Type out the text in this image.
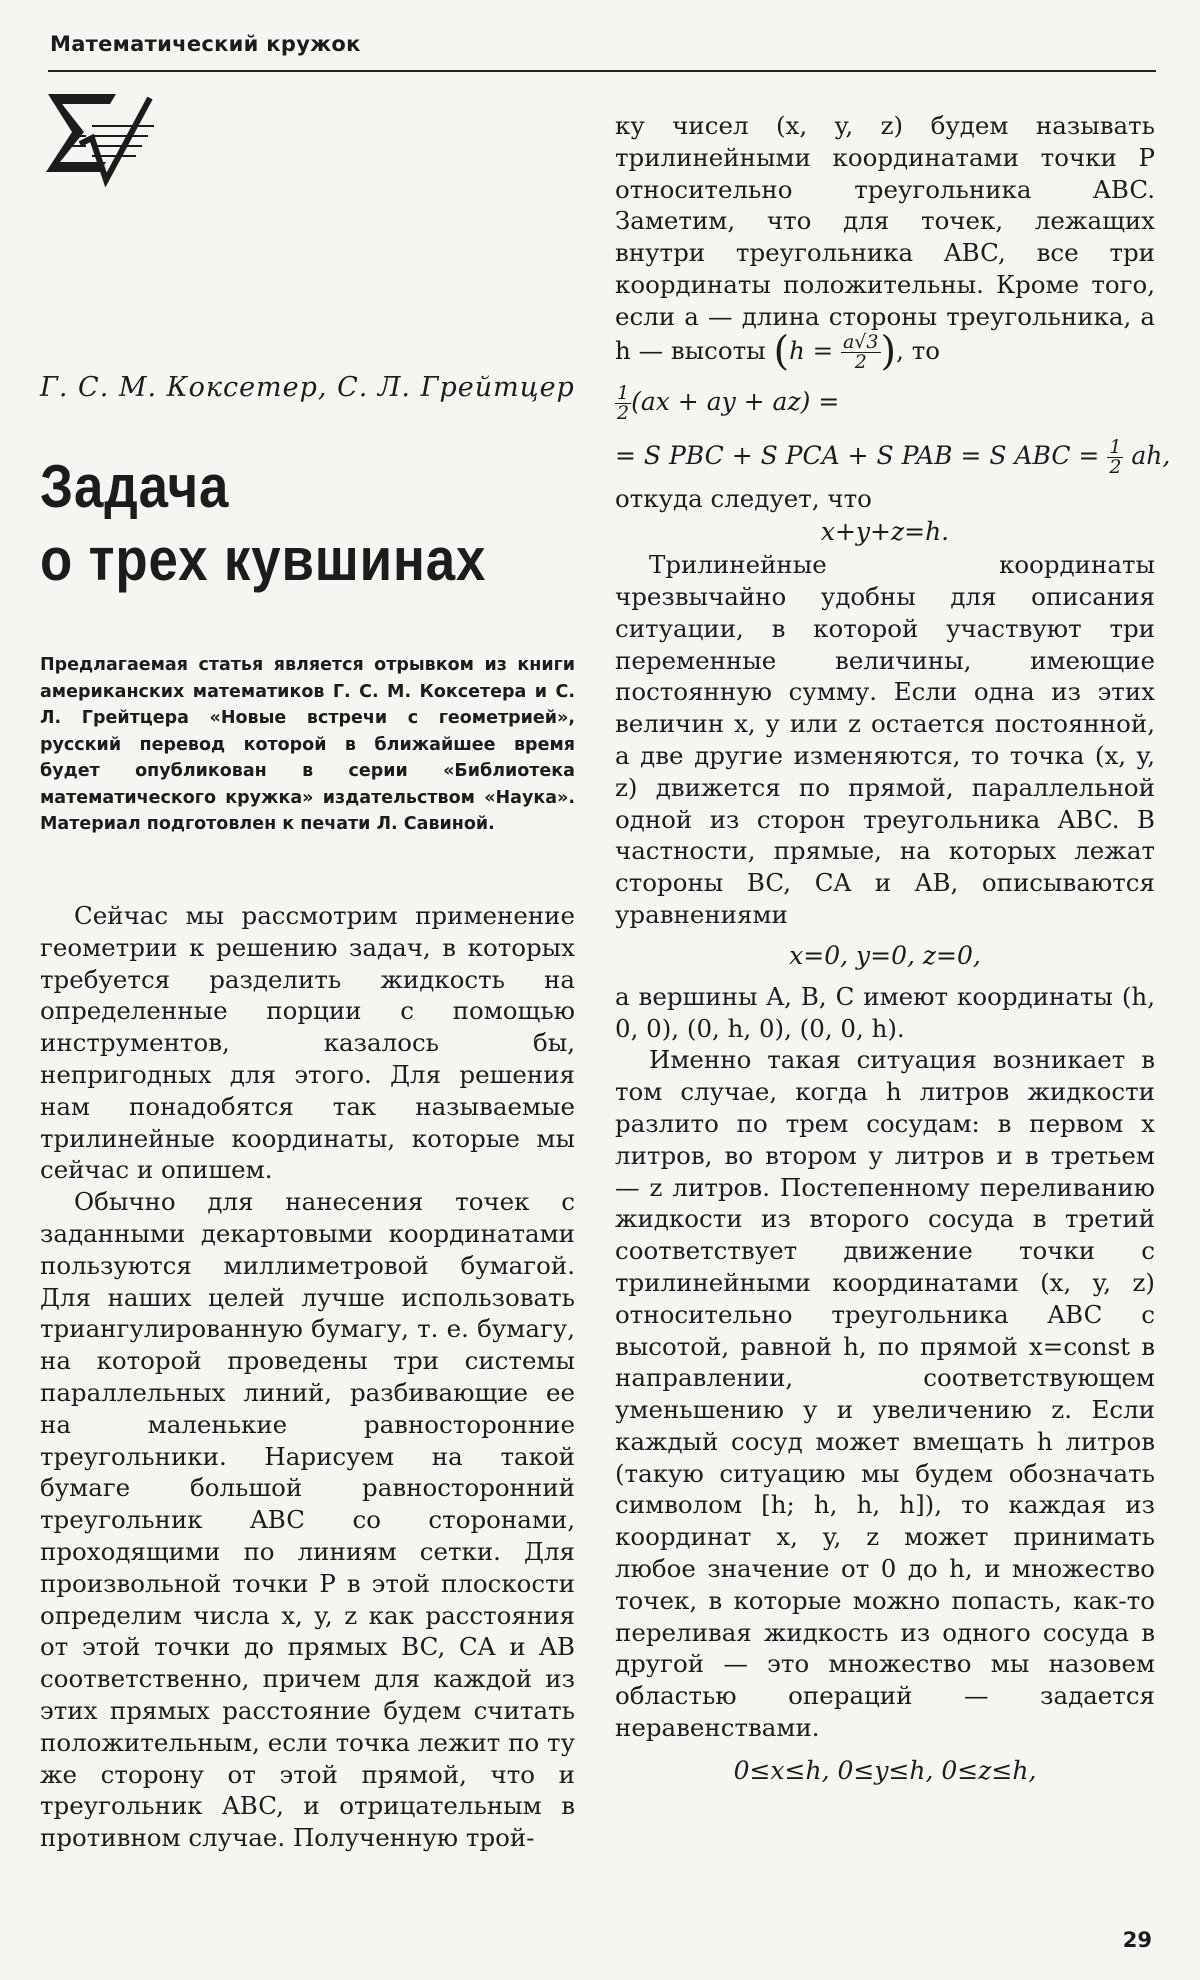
Математический кружок
Г. С. М. Коксетер, С. Л. Грейтцер
Задача
о трех кувшинах

Предлагаемая статья является отрывком из книги американских математиков Г. С. М. Коксетера и С. Л. Грейтцера «Новые встречи с геометрией», русский перевод которой в ближайшее время будет опубликован в серии «Библиотека математического кружка» издательством «Наука». Материал подготовлен к печати Л. Савиной.

Сейчас мы рассмотрим применение геометрии к решению задач, в которых требуется разделить жидкость на определенные порции с помощью инструментов, казалось бы, непригодных для этого. Для решения нам понадобятся так называемые трилинейные координаты, которые мы сейчас и опишем.

Обычно для нанесения точек с заданными декартовыми координатами пользуются миллиметровой бумагой. Для наших целей лучше использовать триангулированную бумагу, т. е. бумагу, на которой проведены три системы параллельных линий, разбивающие ее на маленькие равносторонние треугольники. Нарисуем на такой бумаге большой равносторонний треугольник ABC со сторонами, проходящими по линиям сетки. Для произвольной точки P в этой плоскости определим числа x, y, z как расстояния от этой точки до прямых BC, CA и AB соответственно, причем для каждой из этих прямых расстояние будем считать положительным, если точка лежит по ту же сторону от этой прямой, что и треугольник ABC, и отрицательным в противном случае. Полученную трой-

ку чисел (x, y, z) будем называть трилинейными координатами точки P относительно треугольника ABC. Заметим, что для точек, лежащих внутри треугольника ABC, все три координаты положительны. Кроме того, если a — длина стороны треугольника, а h — высоты ($h = \frac{a√3}{2}$ ), то

$\frac{1}{2} (ax$ + ay + az) =
= S PBC + S PCA + S PAB = S ABC = $\frac{1}{2}$ ah,

откуда следует, что

x+y+z=h.

Трилинейные координаты чрезвычайно удобны для описания ситуации, в которой участвуют три переменные величины, имеющие постоянную сумму. Если одна из этих величин x, y или z остается постоянной, а две другие изменяются, то точка (x, y, z) движется по прямой, параллельной одной из сторон треугольника ABC. В частности, прямые, на которых лежат стороны BC, CA и AB, описываются уравнениями

x=0, y=0, z=0,

а вершины A, B, C имеют координаты (h, 0, 0), (0, h, 0), (0, 0, h).

Именно такая ситуация возникает в том случае, когда h литров жидкости разлито по трем сосудам: в первом x литров, во втором y литров и в третьем — z литров. Постепенному переливанию жидкости из второго сосуда в третий соответствует движение точки с трилинейными координатами (x, y, z) относительно треугольника ABC с высотой, равной h, по прямой x=const в направлении, соответствующем уменьшению y и увеличению z. Если каждый сосуд может вмещать h литров (такую ситуацию мы будем обозначать символом [h; h, h, h]), то каждая из координат x, y, z может принимать любое значение от 0 до h, и множество точек, в которые можно попасть, как-то переливая жидкость из одного сосуда в другой — это множество мы назовем областью операций — задается неравенствами.

0≤x≤h, 0≤y≤h, 0≤z≤h,
29
